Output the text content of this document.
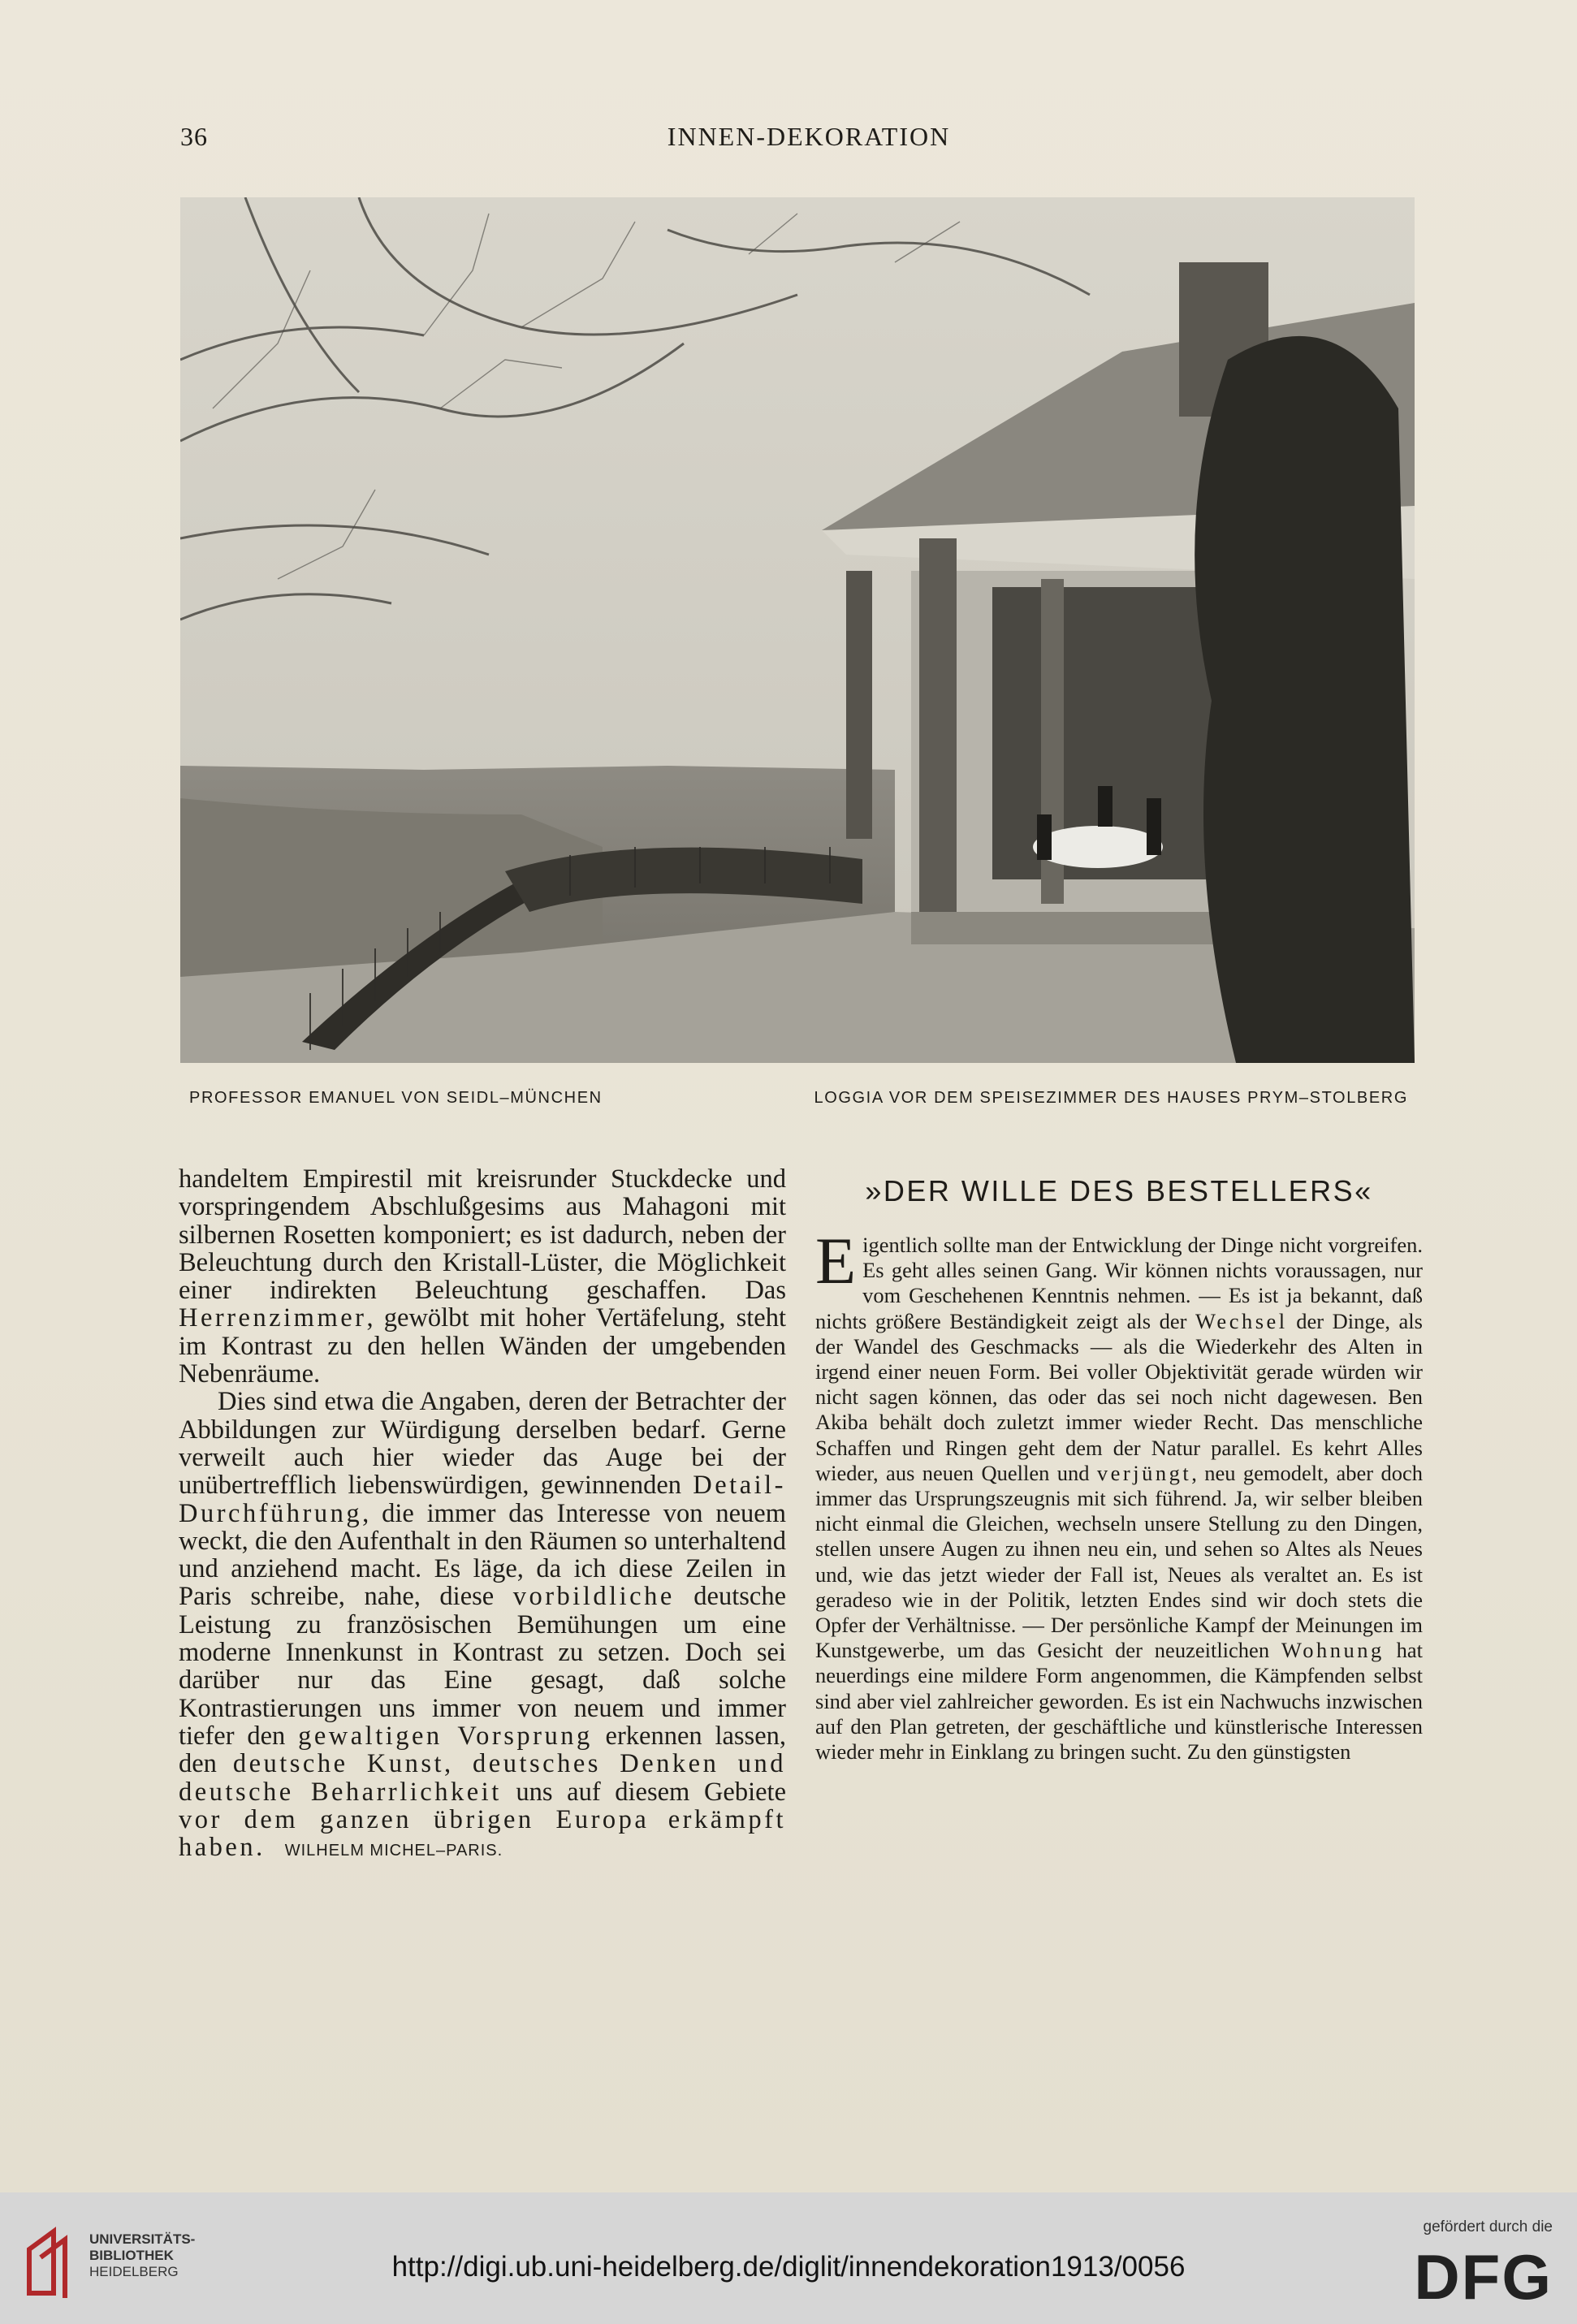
36	INNEN-DEKORATION
PROFESSOR EMANUEL VON SEIDL–MÜNCHEN	LOGGIA VOR DEM SPEISEZIMMER DES HAUSES PRYM–STOLBERG

handeltem Empirestil mit kreisrunder Stuckdecke und vorspringendem Abschlußgesims aus Mahagoni mit silbernen Rosetten komponiert; es ist dadurch, neben der Beleuchtung durch den Kristall-Lüster, die Möglichkeit einer indirekten Beleuchtung geschaffen. Das Herrenzimmer, gewölbt mit hoher Vertäfelung, steht im Kontrast zu den hellen Wänden der umgebenden Nebenräume.

Dies sind etwa die Angaben, deren der Betrachter der Abbildungen zur Würdigung derselben bedarf. Gerne verweilt auch hier wieder das Auge bei der unübertrefflich liebenswürdigen, gewinnenden Detail-Durchführung, die immer das Interesse von neuem weckt, die den Aufenthalt in den Räumen so unterhaltend und anziehend macht. Es läge, da ich diese Zeilen in Paris schreibe, nahe, diese vorbildliche deutsche Leistung zu französischen Bemühungen um eine moderne Innenkunst in Kontrast zu setzen. Doch sei darüber nur das Eine gesagt, daß solche Kontrastierungen uns immer von neuem und immer tiefer den gewaltigen Vorsprung erkennen lassen, den deutsche Kunst, deutsches Denken und deutsche Beharrlichkeit uns auf diesem Gebiete vor dem ganzen übrigen Europa erkämpft haben. WILHELM MICHEL–PARIS.

»DER WILLE DES BESTELLERS«

Eigentlich sollte man der Entwicklung der Dinge nicht vorgreifen. Es geht alles seinen Gang. Wir können nichts voraussagen, nur vom Geschehenen Kenntnis nehmen. — Es ist ja bekannt, daß nichts größere Beständigkeit zeigt als der Wechsel der Dinge, als der Wandel des Geschmacks — als die Wiederkehr des Alten in irgend einer neuen Form. Bei voller Objektivität gerade würden wir nicht sagen können, das oder das sei noch nicht dagewesen. Ben Akiba behält doch zuletzt immer wieder Recht. Das menschliche Schaffen und Ringen geht dem der Natur parallel. Es kehrt Alles wieder, aus neuen Quellen und verjüngt, neu gemodelt, aber doch immer das Ursprungszeugnis mit sich führend. Ja, wir selber bleiben nicht einmal die Gleichen, wechseln unsere Stellung zu den Dingen, stellen unsere Augen zu ihnen neu ein, und sehen so Altes als Neues und, wie das jetzt wieder der Fall ist, Neues als veraltet an. Es ist geradeso wie in der Politik, letzten Endes sind wir doch stets die Opfer der Verhältnisse. — Der persönliche Kampf der Meinungen im Kunstgewerbe, um das Gesicht der neuzeitlichen Wohnung hat neuerdings eine mildere Form angenommen, die Kämpfenden selbst sind aber viel zahlreicher geworden. Es ist ein Nachwuchs inzwischen auf den Plan getreten, der geschäftliche und künstlerische Interessen wieder mehr in Einklang zu bringen sucht. Zu den günstigsten

UNIVERSITÄTS-
BIBLIOTHEK
HEIDELBERG	http://digi.ub.uni-heidelberg.de/diglit/innendekoration1913/0056
gefördert durch die
DFG
